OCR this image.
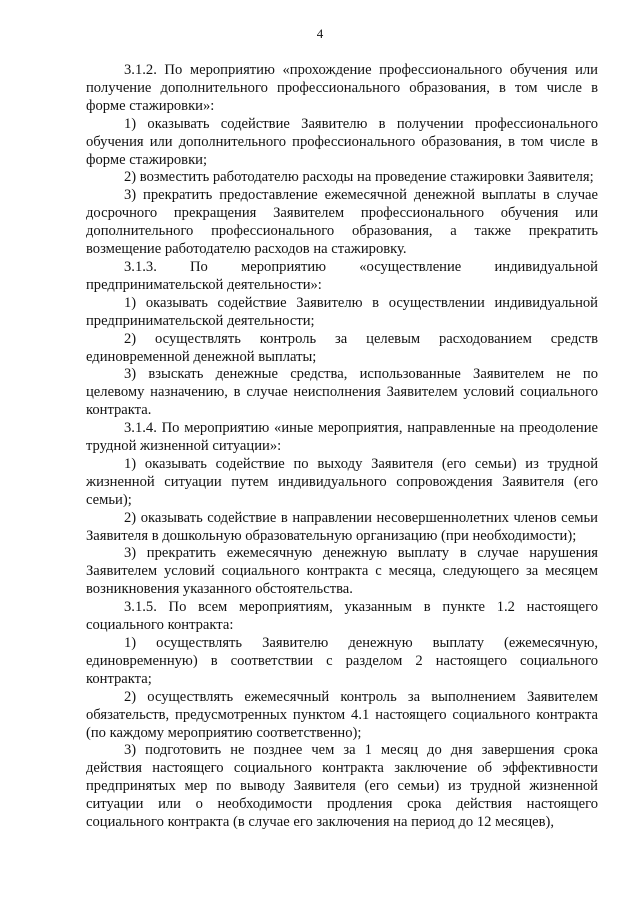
4

3.1.2. По мероприятию «прохождение профессионального обучения или получение дополнительного профессионального образования, в том числе в форме стажировки»:

1) оказывать содействие Заявителю в получении профессионального обучения или дополнительного профессионального образования, в том числе в форме стажировки;

2) возместить работодателю расходы на проведение стажировки Заявителя;

3) прекратить предоставление ежемесячной денежной выплаты в случае досрочного прекращения Заявителем профессионального обучения или дополнительного профессионального образования, а также прекратить возмещение работодателю расходов на стажировку.

3.1.3. По мероприятию «осуществление индивидуальной предпринимательской деятельности»:

1) оказывать содействие Заявителю в осуществлении индивидуальной предпринимательской деятельности;

2) осуществлять контроль за целевым расходованием средств единовременной денежной выплаты;

3) взыскать денежные средства, использованные Заявителем не по целевому назначению, в случае неисполнения Заявителем условий социального контракта.

3.1.4. По мероприятию «иные мероприятия, направленные на преодоление трудной жизненной ситуации»:

1) оказывать содействие по выходу Заявителя (его семьи) из трудной жизненной ситуации путем индивидуального сопровождения Заявителя (его семьи);

2) оказывать содействие в направлении несовершеннолетних членов семьи Заявителя в дошкольную образовательную организацию (при необходимости);

3) прекратить ежемесячную денежную выплату в случае нарушения Заявителем условий социального контракта с месяца, следующего за месяцем возникновения указанного обстоятельства.

3.1.5. По всем мероприятиям, указанным в пункте 1.2 настоящего социального контракта:

1) осуществлять Заявителю денежную выплату (ежемесячную, единовременную) в соответствии с разделом 2 настоящего социального контракта;

2) осуществлять ежемесячный контроль за выполнением Заявителем обязательств, предусмотренных пунктом 4.1 настоящего социального контракта (по каждому мероприятию соответственно);

3) подготовить не позднее чем за 1 месяц до дня завершения срока действия настоящего социального контракта заключение об эффективности предпринятых мер по выводу Заявителя (его семьи) из трудной жизненной ситуации или о необходимости продления срока действия настоящего социального контракта (в случае его заключения на период до 12 месяцев),
